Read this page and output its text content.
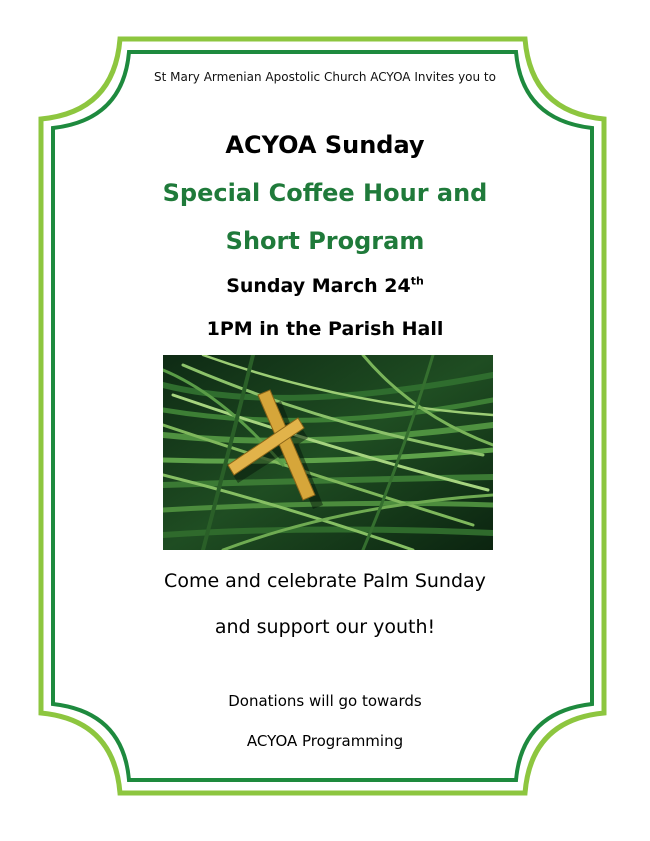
St Mary Armenian Apostolic Church ACYOA Invites you to
ACYOA Sunday
Special Coffee Hour and
Short Program
Sunday March 24th
1PM in the Parish Hall
Come and celebrate Palm Sunday
and support our youth!
Donations will go towards
ACYOA Programming
